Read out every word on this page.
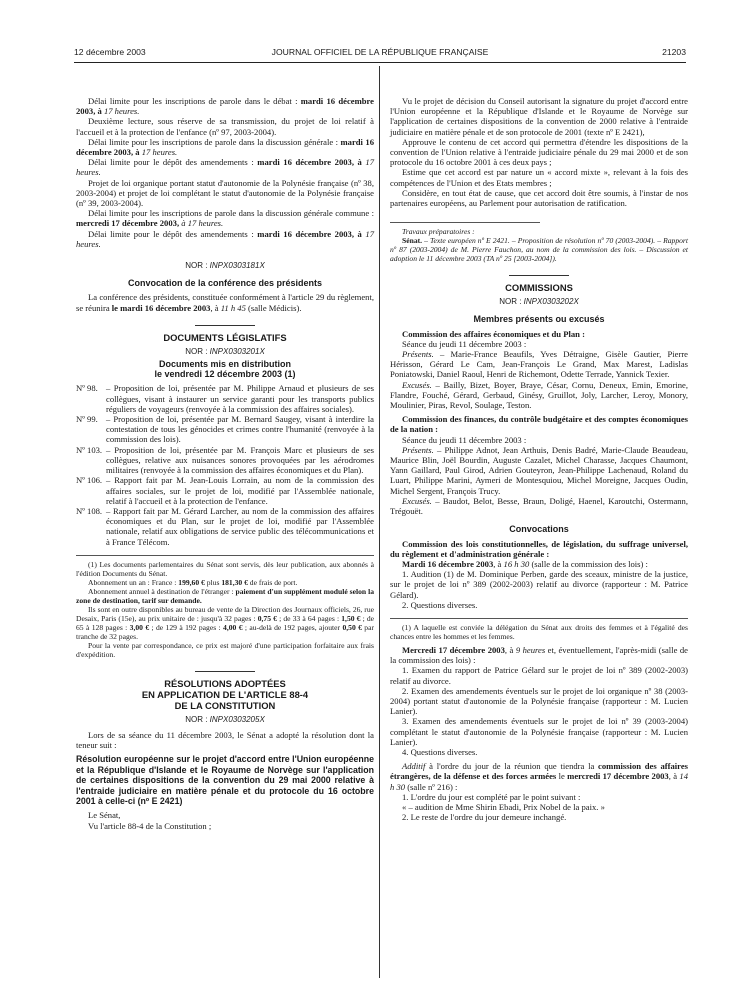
12 décembre 2003	JOURNAL OFFICIEL DE LA RÉPUBLIQUE FRANÇAISE	21203

Délai limite pour les inscriptions de parole dans le débat : mardi 16 décembre 2003, à 17 heures.

Deuxième lecture, sous réserve de sa transmission, du projet de loi relatif à l'accueil et à la protection de l'enfance (nº 97, 2003-2004).

Délai limite pour les inscriptions de parole dans la discussion générale : mardi 16 décembre 2003, à 17 heures.

Délai limite pour le dépôt des amendements : mardi 16 décembre 2003, à 17 heures.

Projet de loi organique portant statut d'autonomie de la Polynésie française (nº 38, 2003-2004) et projet de loi complétant le statut d'autonomie de la Polynésie française (nº 39, 2003-2004).

Délai limite pour les inscriptions de parole dans la discussion générale commune : mercredi 17 décembre 2003, à 17 heures.

Délai limite pour le dépôt des amendements : mardi 16 décembre 2003, à 17 heures.

NOR : INPX0303181X

Convocation de la conférence des présidents

La conférence des présidents, constituée conformément à l'article 29 du règlement, se réunira le mardi 16 décembre 2003, à 11 h 45 (salle Médicis).

DOCUMENTS LÉGISLATIFS

NOR : INPX0303201X

Documents mis en distribution
le vendredi 12 décembre 2003 (1)
Nº 98. – Proposition de loi, présentée par M. Philippe Arnaud et plusieurs de ses collègues, visant à instaurer un service garanti pour les transports publics réguliers de voyageurs (renvoyée à la commission des affaires sociales).
Nº 99. – Proposition de loi, présentée par M. Bernard Saugey, visant à interdire la contestation de tous les génocides et crimes contre l'humanité (renvoyée à la commission des lois).
Nº 103. – Proposition de loi, présentée par M. François Marc et plusieurs de ses collègues, relative aux nuisances sonores provoquées par les aérodromes militaires (renvoyée à la commission des affaires économiques et du Plan).
Nº 106. – Rapport fait par M. Jean-Louis Lorrain, au nom de la commission des affaires sociales, sur le projet de loi, modifié par l'Assemblée nationale, relatif à l'accueil et à la protection de l'enfance.
Nº 108. – Rapport fait par M. Gérard Larcher, au nom de la commission des affaires économiques et du Plan, sur le projet de loi, modifié par l'Assemblée nationale, relatif aux obligations de service public des télécommunications et à France Télécom.

(1) Les documents parlementaires du Sénat sont servis, dès leur publication, aux abonnés à l'édition Documents du Sénat.

Abonnement un an : France : 199,60 € plus 181,30 € de frais de port.

Abonnement annuel à destination de l'étranger : paiement d'un supplément modulé selon la zone de destination, tarif sur demande.

Ils sont en outre disponibles au bureau de vente de la Direction des Journaux officiels, 26, rue Desaix, Paris (15e), au prix unitaire de : jusqu'à 32 pages : 0,75 € ; de 33 à 64 pages : 1,50 € ; de 65 à 128 pages : 3,00 € ; de 129 à 192 pages : 4,00 € ; au-delà de 192 pages, ajouter 0,50 € par tranche de 32 pages.

Pour la vente par correspondance, ce prix est majoré d'une participation forfaitaire aux frais d'expédition.

RÉSOLUTIONS ADOPTÉES
EN APPLICATION DE L'ARTICLE 88-4
DE LA CONSTITUTION

NOR : INPX0303205X

Lors de sa séance du 11 décembre 2003, le Sénat a adopté la résolution dont la teneur suit :

Résolution européenne sur le projet d'accord entre l'Union européenne et la République d'Islande et le Royaume de Norvège sur l'application de certaines dispositions de la convention du 29 mai 2000 relative à l'entraide judiciaire en matière pénale et du protocole du 16 octobre 2001 à celle-ci (nº E 2421)

Le Sénat,

Vu l'article 88-4 de la Constitution ;

Vu le projet de décision du Conseil autorisant la signature du projet d'accord entre l'Union européenne et la République d'Islande et le Royaume de Norvège sur l'application de certaines dispositions de la convention de 2000 relative à l'entraide judiciaire en matière pénale et de son protocole de 2001 (texte nº E 2421),

Approuve le contenu de cet accord qui permettra d'étendre les dispositions de la convention de l'Union relative à l'entraide judiciaire pénale du 29 mai 2000 et de son protocole du 16 octobre 2001 à ces deux pays ;

Estime que cet accord est par nature un « accord mixte », relevant à la fois des compétences de l'Union et des Etats membres ;

Considère, en tout état de cause, que cet accord doit être soumis, à l'instar de nos partenaires européens, au Parlement pour autorisation de ratification.

Travaux préparatoires :

Sénat. – Texte européen nº E 2421. – Proposition de résolution nº 70 (2003-2004). – Rapport nº 87 (2003-2004) de M. Pierre Fauchon, au nom de la commission des lois. – Discussion et adoption le 11 décembre 2003 (TA nº 25 [2003-2004]).

COMMISSIONS

NOR : INPX0303202X

Membres présents ou excusés

Commission des affaires économiques et du Plan :

Séance du jeudi 11 décembre 2003 :

Présents. – Marie-France Beaufils, Yves Détraigne, Gisèle Gautier, Pierre Hérisson, Gérard Le Cam, Jean-François Le Grand, Max Marest, Ladislas Poniatowski, Daniel Raoul, Henri de Richemont, Odette Terrade, Yannick Texier.

Excusés. – Bailly, Bizet, Boyer, Braye, César, Cornu, Deneux, Emin, Emorine, Flandre, Fouché, Gérard, Gerbaud, Ginésy, Gruillot, Joly, Larcher, Leroy, Monory, Moulinier, Piras, Revol, Soulage, Teston.

Commission des finances, du contrôle budgétaire et des comptes économiques de la nation :

Séance du jeudi 11 décembre 2003 :

Présents. – Philippe Adnot, Jean Arthuis, Denis Badré, Marie-Claude Beaudeau, Maurice Blin, Joël Bourdin, Auguste Cazalet, Michel Charasse, Jacques Chaumont, Yann Gaillard, Paul Girod, Adrien Gouteyron, Jean-Philippe Lachenaud, Roland du Luart, Philippe Marini, Aymeri de Montesquiou, Michel Moreigne, Jacques Oudin, Michel Sergent, François Trucy.

Excusés. – Baudot, Belot, Besse, Braun, Doligé, Haenel, Karoutchi, Ostermann, Trégouët.

Convocations

Commission des lois constitutionnelles, de législation, du suffrage universel, du règlement et d'administration générale :

Mardi 16 décembre 2003, à 16 h 30 (salle de la commission des lois) :

1. Audition (1) de M. Dominique Perben, garde des sceaux, ministre de la justice, sur le projet de loi nº 389 (2002-2003) relatif au divorce (rapporteur : M. Patrice Gélard).

2. Questions diverses.

(1) A laquelle est conviée la délégation du Sénat aux droits des femmes et à l'égalité des chances entre les hommes et les femmes.

Mercredi 17 décembre 2003, à 9 heures et, éventuellement, l'après-midi (salle de la commission des lois) :

1. Examen du rapport de Patrice Gélard sur le projet de loi nº 389 (2002-2003) relatif au divorce.

2. Examen des amendements éventuels sur le projet de loi organique nº 38 (2003-2004) portant statut d'autonomie de la Polynésie française (rapporteur : M. Lucien Lanier).

3. Examen des amendements éventuels sur le projet de loi nº 39 (2003-2004) complétant le statut d'autonomie de la Polynésie française (rapporteur : M. Lucien Lanier).

4. Questions diverses.

Additif à l'ordre du jour de la réunion que tiendra la commission des affaires étrangères, de la défense et des forces armées le mercredi 17 décembre 2003, à 14 h 30 (salle nº 216) :

1. L'ordre du jour est complété par le point suivant :

« – audition de Mme Shirin Ebadi, Prix Nobel de la paix. »

2. Le reste de l'ordre du jour demeure inchangé.
